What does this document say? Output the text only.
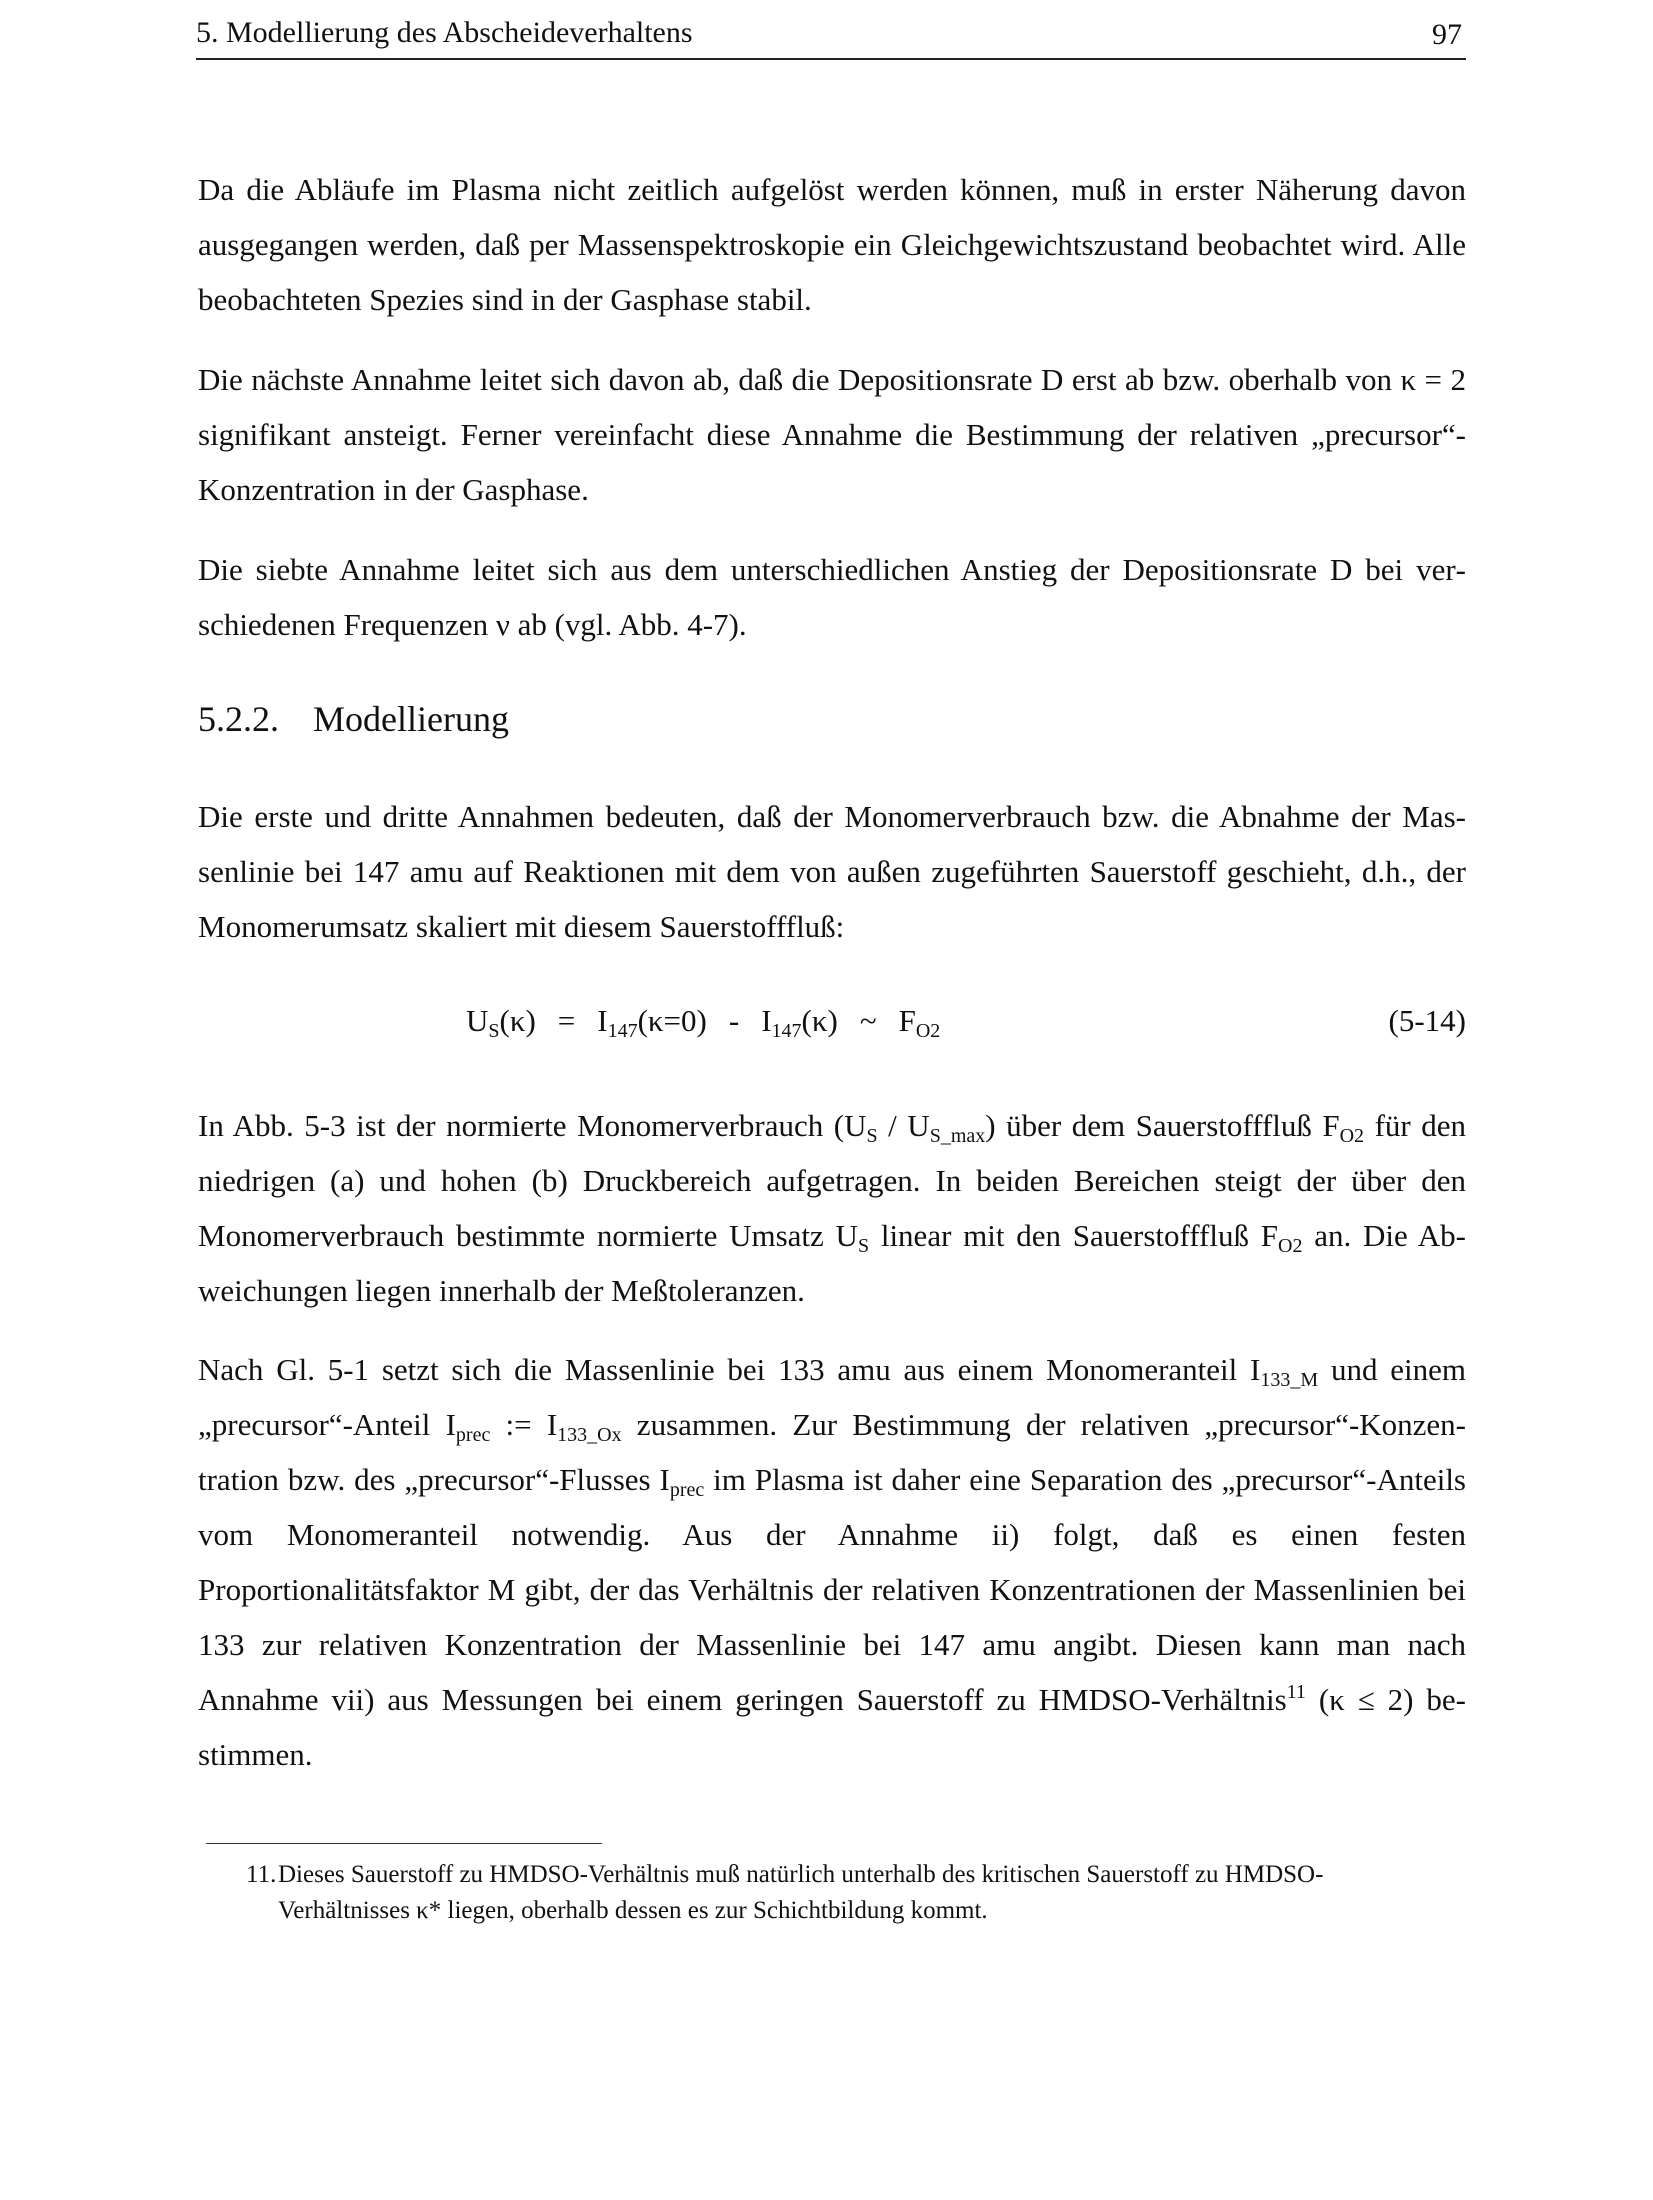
5. Modellierung des Abscheideverhaltens	97

Da die Abläufe im Plasma nicht zeitlich aufgelöst werden können, muß in erster Näherung davon ausgegangen werden, daß per Massenspektroskopie ein Gleichgewichtszustand beobachtet wird. Alle beobachteten Spezies sind in der Gasphase stabil.

Die nächste Annahme leitet sich davon ab, daß die Depositionsrate D erst ab bzw. oberhalb von κ = 2 signifikant ansteigt. Ferner vereinfacht diese Annahme die Bestimmung der relativen „precursor“-Konzentration in der Gasphase.

Die siebte Annahme leitet sich aus dem unterschiedlichen Anstieg der Depositionsrate D bei verschiedenen Frequenzen ν ab (vgl. Abb. 4-7).

5.2.2. Modellierung

Die erste und dritte Annahmen bedeuten, daß der Monomerverbrauch bzw. die Abnahme der Massenlinie bei 147 amu auf Reaktionen mit dem von außen zugeführten Sauerstoff geschieht, d.h., der Monomerumsatz skaliert mit diesem Sauerstofffluß:

$U_S(\kappa) = I_{147}(\kappa=0) - I_{147}(\kappa)$ ~ $F_{O2}$	(5-14)

In Abb. 5-3 ist der normierte Monomerverbrauch $(U_S / U_{S\_max})$ über dem Sauerstofffluß $F_{O2}$ für den niedrigen (a) und hohen (b) Druckbereich aufgetragen. In beiden Bereichen steigt der über den Monomerverbrauch bestimmte normierte Umsatz $U_S$ linear mit den Sauerstofffluß $F_{O2}$ an. Die Abweichungen liegen innerhalb der Meßtoleranzen.

Nach Gl. 5-1 setzt sich die Massenlinie bei 133 amu aus einem Monomeranteil $I_{133\_M}$ und einem „precursor“-Anteil $I_{prec}$ := $I_{133\_Ox}$ zusammen. Zur Bestimmung der relativen „precursor“-Konzentration bzw. des „precursor“-Flusses $I_{prec}$ im Plasma ist daher eine Separation des „precursor“-Anteils vom Monomeranteil notwendig. Aus der Annahme ii) folgt, daß es einen festen Proportionalitätsfaktor M gibt, der das Verhältnis der relativen Konzentrationen der Massenlinien bei 133 zur relativen Konzentration der Massenlinie bei 147 amu angibt. Diesen kann man nach Annahme vii) aus Messungen bei einem geringen Sauerstoff zu HMDSO-Verhältnis$^{11}$ (κ ≤ 2) bestimmen.

11. Dieses Sauerstoff zu HMDSO-Verhältnis muß natürlich unterhalb des kritischen Sauerstoff zu HMDSO-Verhältnisses κ* liegen, oberhalb dessen es zur Schichtbildung kommt.
